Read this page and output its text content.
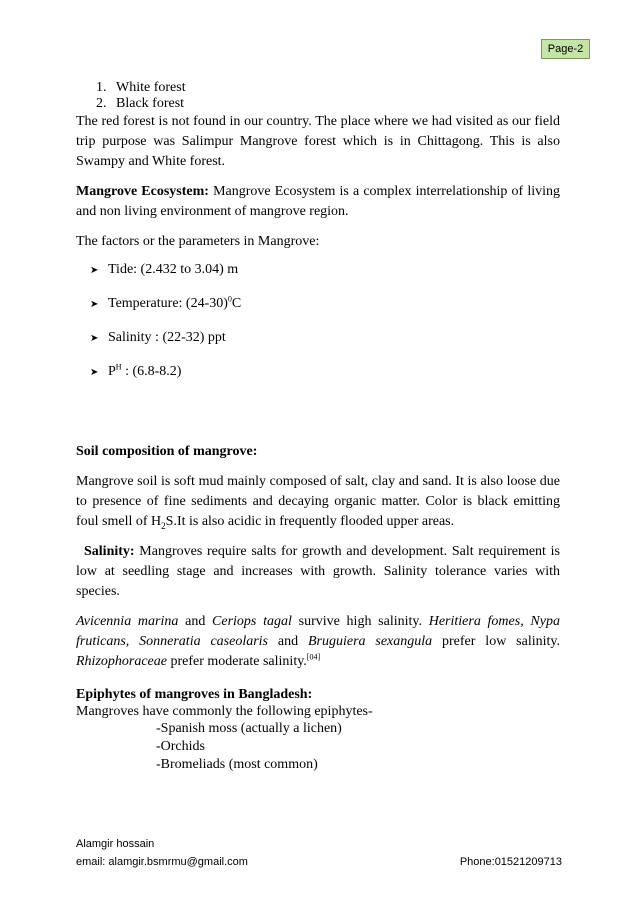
Page-2
1. White forest
2. Black forest

The red forest is not found in our country. The place where we had visited as our field trip purpose was Salimpur Mangrove forest which is in Chittagong. This is also Swampy and White forest.

Mangrove Ecosystem: Mangrove Ecosystem is a complex interrelationship of living and non living environment of mangrove region.

The factors or the parameters in Mangrove:

➤ Tide: (2.432 to 3.04) m
➤ Temperature: $(24-30)^0C$
➤ Salinity : (22-32) ppt
➤ $P^H$ : (6.8-8.2)

Soil composition of mangrove:

Mangrove soil is soft mud mainly composed of salt, clay and sand. It is also loose due to presence of fine sediments and decaying organic matter. Color is black emitting foul smell of $H_2S.It$ is also acidic in frequently flooded upper areas.

Salinity: Mangroves require salts for growth and development. Salt requirement is low at seedling stage and increases with growth. Salinity tolerance varies with species.

Avicennia marina and Ceriops tagal survive high salinity. Heritiera fomes, Nypa fruticans, Sonneratia caseolaris and Bruguiera sexangula prefer low salinity. Rhizophoraceae prefer moderate salinity.[04]

Epiphytes of mangroves in Bangladesh:

Mangroves have commonly the following epiphytes-

-Spanish moss (actually a lichen)
-Orchids
-Bromeliads (most common)
Alamgir hossain
email: alamgir.bsmrmu@gmail.com	Phone:01521209713
